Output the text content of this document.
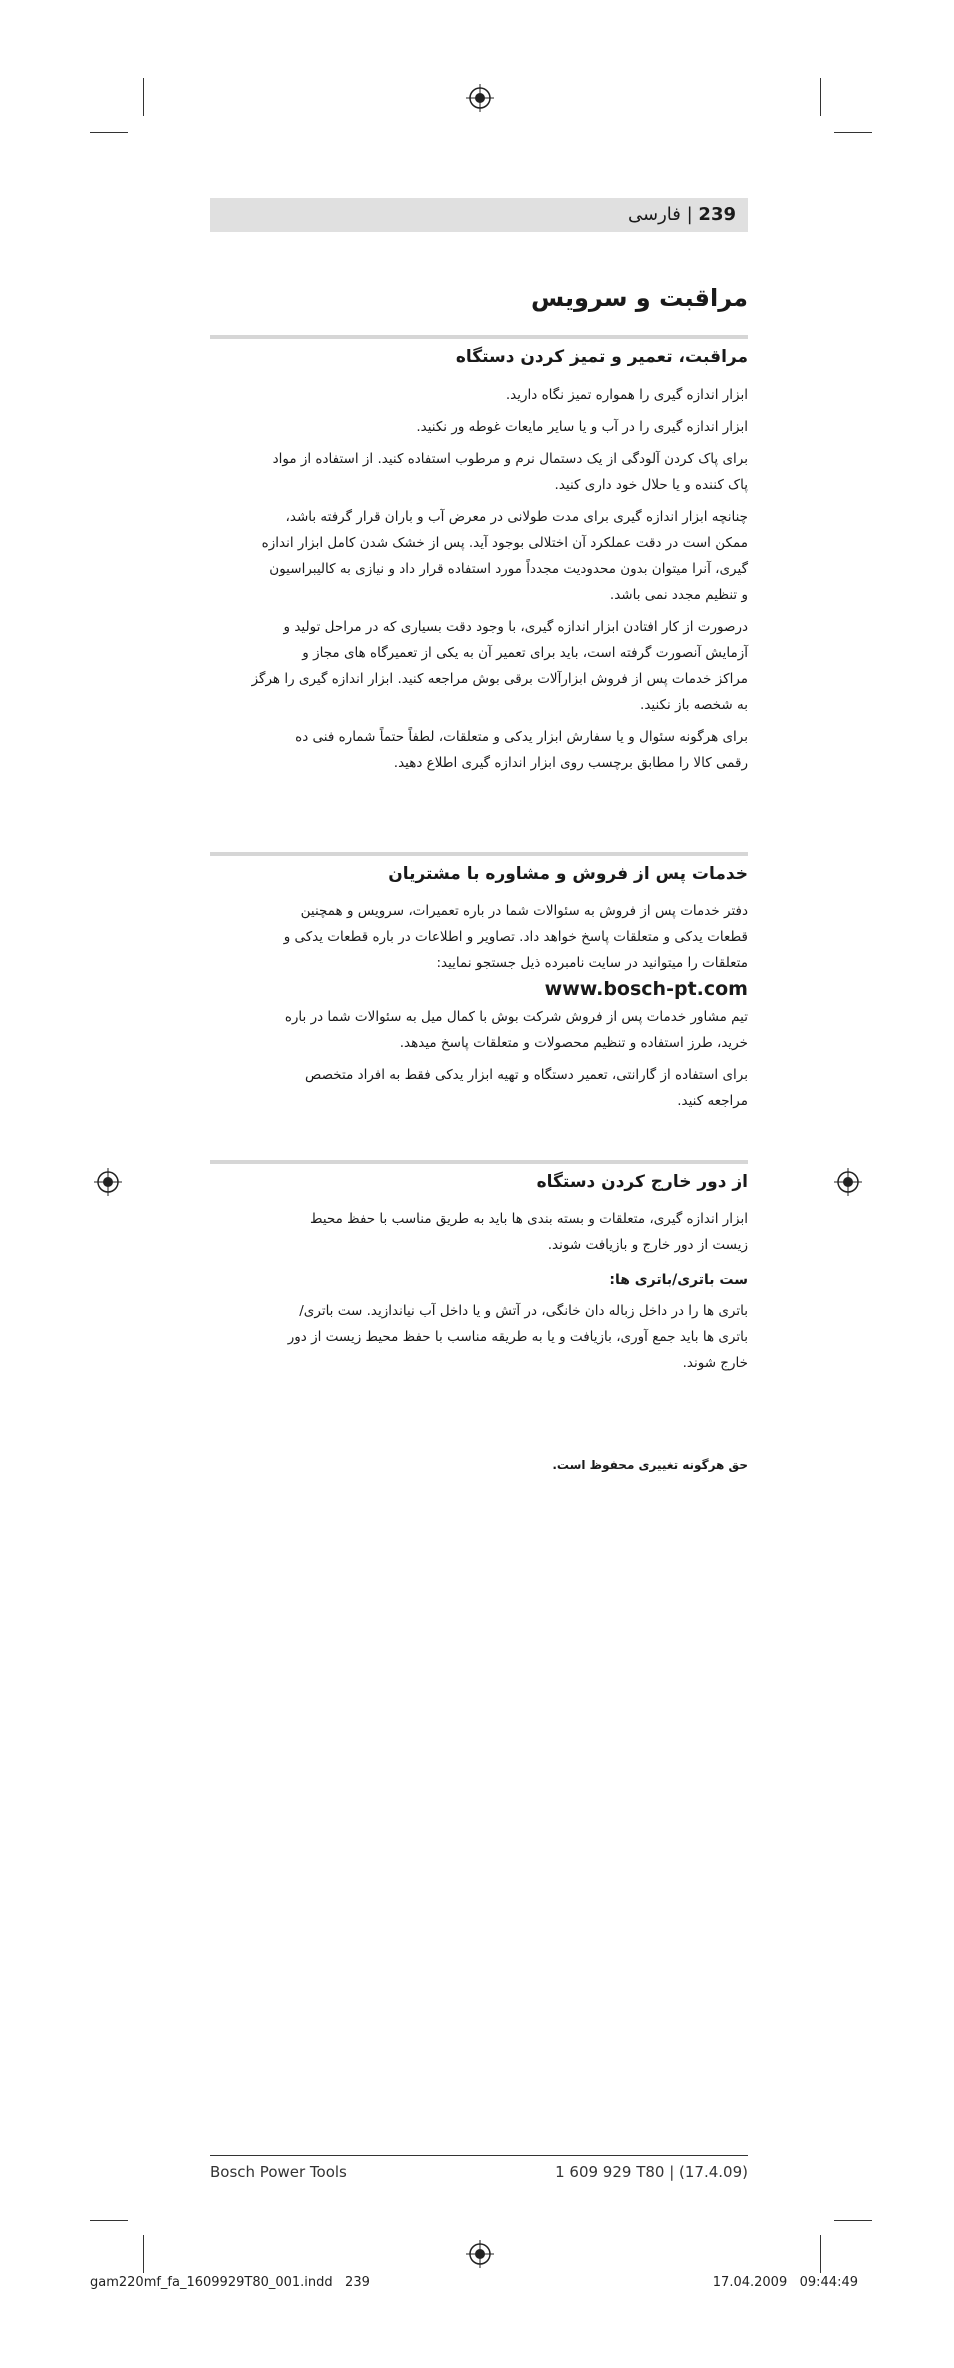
239 | فارسی
مراقبت و سرویس
مراقبت، تعمیر و تمیز کردن دستگاه
ابزار اندازه گیری را همواره تمیز نگاه دارید.
ابزار اندازه گیری را در آب و یا سایر مایعات غوطه ور نکنید.
برای پاک کردن آلودگی از یک دستمال نرم و مرطوب استفاده کنید. از استفاده از مواد
پاک کننده و یا حلال خود داری کنید.
چنانچه ابزار اندازه گیری برای مدت طولانی در معرض آب و باران قرار گرفته باشد،
ممکن است در دقت عملکرد آن اختلالی بوجود آید. پس از خشک شدن کامل ابزار اندازه
گیری، آنرا میتوان بدون محدودیت مجدداً مورد استفاده قرار داد و نیازی به کالیبراسیون
و تنظیم مجدد نمی باشد.
درصورت از کار افتادن ابزار اندازه گیری، با وجود دقت بسیاری که در مراحل تولید و
آزمایش آنصورت گرفته است، باید برای تعمیر آن به یکی از تعمیرگاه های مجاز و
مراکز خدمات پس از فروش ابزارآلات برقی بوش مراجعه کنید. ابزار اندازه گیری را هرگز
به شخصه باز نکنید.
برای هرگونه سئوال و یا سفارش ابزار یدکی و متعلقات، لطفاً حتماً شماره فنی ده
رقمی کالا را مطابق برچسب روی ابزار اندازه گیری اطلاع دهید.
خدمات پس از فروش و مشاوره با مشتریان
دفتر خدمات پس از فروش به سئوالات شما در باره تعمیرات، سرویس و همچنین
قطعات یدکی و متعلقات پاسخ خواهد داد. تصاویر و اطلاعات در باره قطعات یدکی و
متعلقات را میتوانید در سایت نامبرده ذیل جستجو نمایید:
www.bosch-pt.com
تیم مشاور خدمات پس از فروش شرکت بوش با کمال میل به سئوالات شما در باره
خرید، طرز استفاده و تنظیم محصولات و متعلقات پاسخ میدهد.
برای استفاده از گارانتی، تعمیر دستگاه و تهیه ابزار یدکی فقط به افراد متخصص
مراجعه کنید.
از دور خارج کردن دستگاه
ابزار اندازه گیری، متعلقات و بسته بندی ها باید به طریق مناسب با حفظ محیط
زیست از دور خارج و بازیافت شوند.
ست باتری/باتری ها:
باتری ها را در داخل زباله دان خانگی، در آتش و یا داخل آب نیاندازید. ست باتری/
باتری ها باید جمع آوری، بازیافت و یا به طریقه مناسب با حفظ محیط زیست از دور
خارج شوند.
حق هرگونه تغییری محفوظ است.
Bosch Power Tools	1 609 929 T80 | (17.4.09)
gam220mf_fa_1609929T80_001.indd   239	17.04.2009   09:44:49
